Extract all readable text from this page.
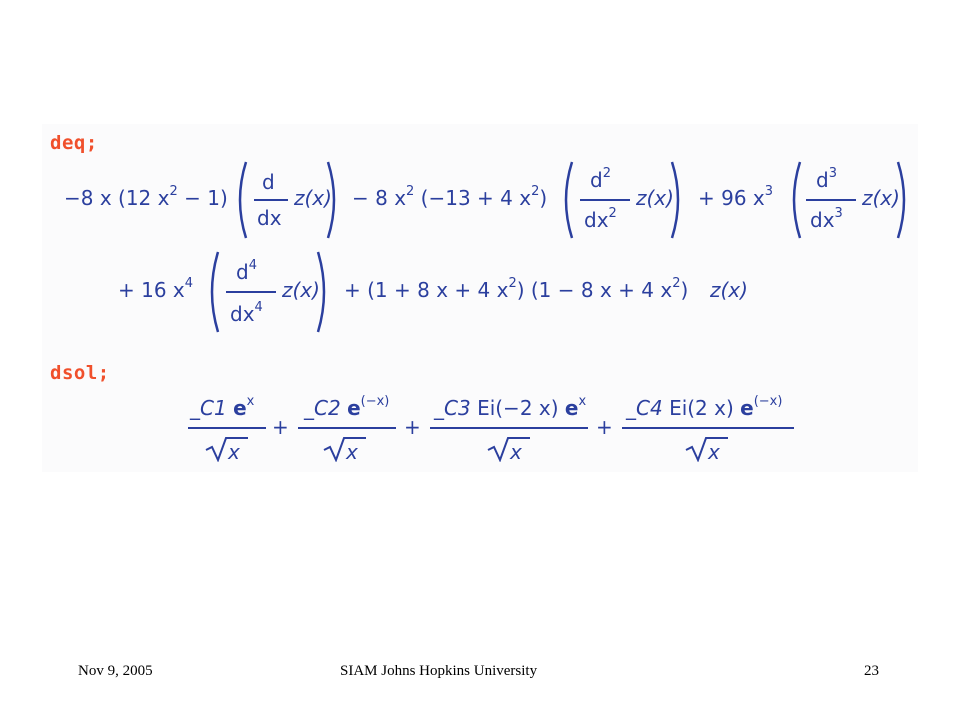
deq;
−8 x (12 $x^2 - 1$)
d
dx
z(x) − 8 $x^2$ (−13 + 4 $x^2$)
$d^2$
$dx^2$
z(x) + 96 $x^3$ $d^3$
$dx^3$
z(x)
+ 16 $x^4$ $d^4$
$dx^4$
z(x) + (1 + 8 x + 4 $x^2$) (1 − 8 x + 4 $x^2$) z(x)
dsol;
_C1 $e^x$
x
+
_C2 $e^{(-x)}$
x
+
_C3 Ei(−2 x) $e^x$
x
+
_C4 Ei(2 x) $e^{(-x)}$
x
Nov 9, 2005	SIAM Johns Hopkins University	23
